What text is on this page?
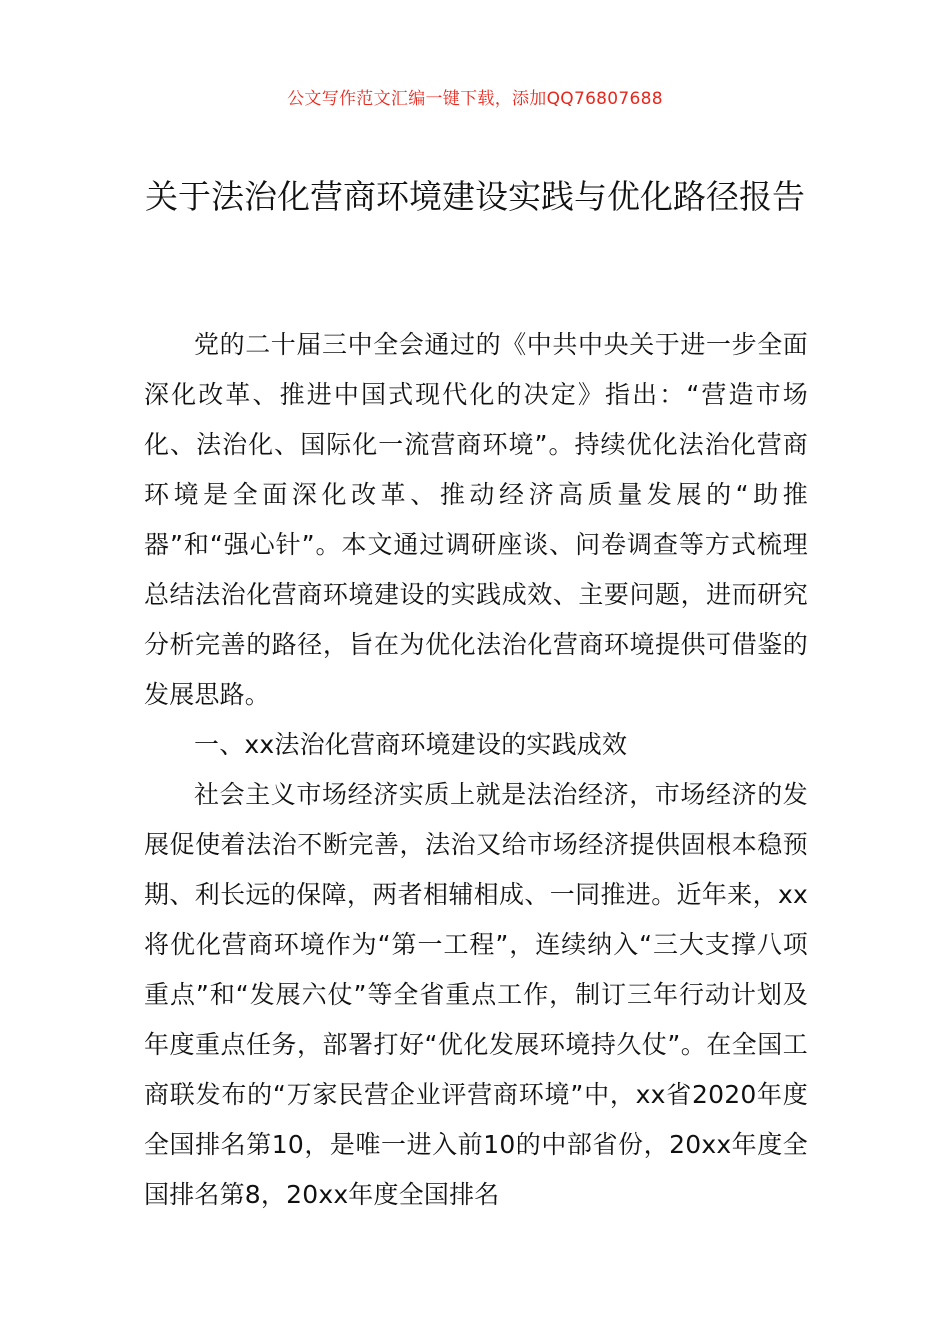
公文写作范文汇编一键下载，添加QQ76807688
关于法治化营商环境建设实践与优化路径报告

党的二十届三中全会通过的《中共中央关于进一步全面深化改革、推进中国式现代化的决定》指出：“营造市场化、法治化、国际化一流营商环境”。持续优化法治化营商环境是全面深化改革、推动经济高质量发展的“助推器”和“强心针”。本文通过调研座谈、问卷调查等方式梳理总结法治化营商环境建设的实践成效、主要问题，进而研究分析完善的路径，旨在为优化法治化营商环境提供可借鉴的发展思路。

一、xx法治化营商环境建设的实践成效

社会主义市场经济实质上就是法治经济，市场经济的发展促使着法治不断完善，法治又给市场经济提供固根本稳预期、利长远的保障，两者相辅相成、一同推进。近年来，xx将优化营商环境作为“第一工程”，连续纳入“三大支撑八项重点”和“发展六仗”等全省重点工作，制订三年行动计划及年度重点任务，部署打好“优化发展环境持久仗”。在全国工商联发布的“万家民营企业评营商环境”中，xx省2020年度全国排名第10，是唯一进入前10的中部省份，20xx年度全国排名第8，20xx年度全国排名
